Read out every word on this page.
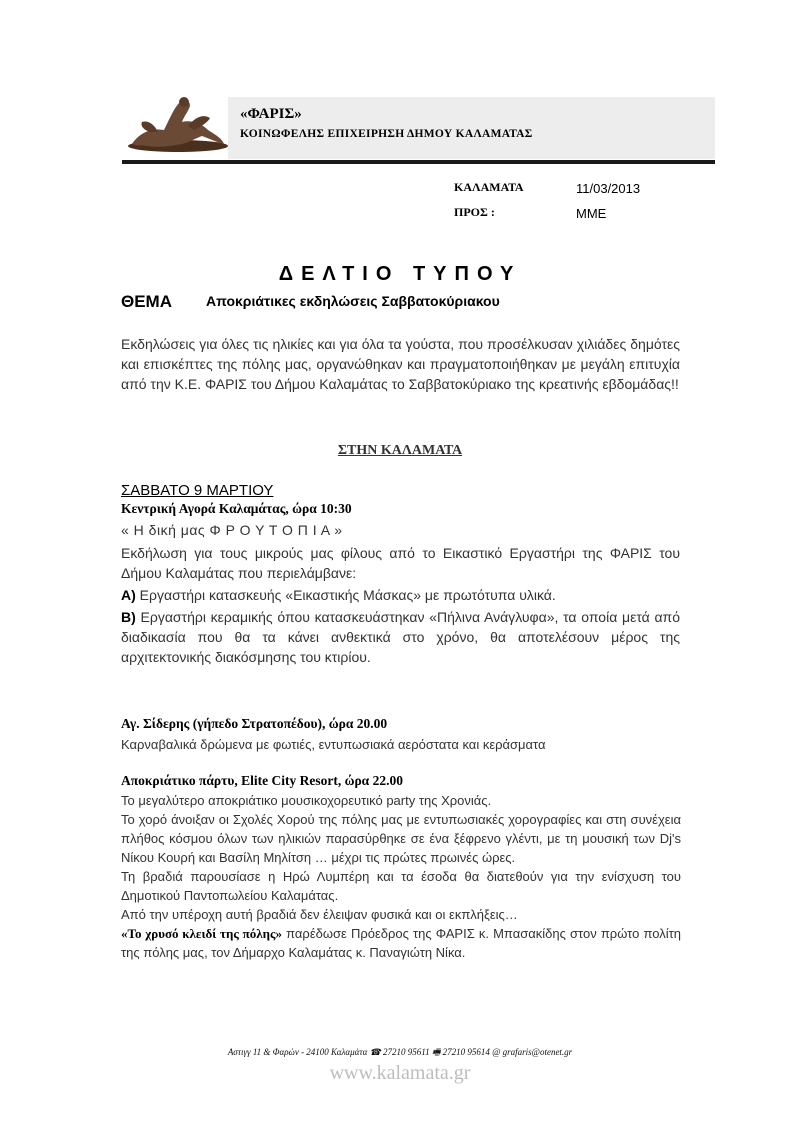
«ΦΑΡΙΣ»
ΚΟΙΝΩΦΕΛΗΣ ΕΠΙΧΕΙΡΗΣΗ ΔΗΜΟΥ ΚΑΛΑΜΑΤΑΣ
ΚΑΛΑΜΑΤΑ	11/03/2013
ΠΡΟΣ :	ΜΜΕ
ΔΕΛΤΙΟ ΤΥΠΟΥ
ΘΕΜΑ Αποκριάτικες εκδηλώσεις Σαββατοκύριακου
Εκδηλώσεις για όλες τις ηλικίες και για όλα τα γούστα, που προσέλκυσαν χιλιάδες δημότες και επισκέπτες της πόλης μας, οργανώθηκαν και πραγματοποιήθηκαν με μεγάλη επιτυχία από την Κ.Ε. ΦΑΡΙΣ του Δήμου Καλαμάτας το Σαββατοκύριακο της κρεατινής εβδομάδας!!
ΣΤΗΝ ΚΑΛΑΜΑΤΑ
ΣΑΒΒΑΤΟ 9 ΜΑΡΤΙΟΥ
Κεντρική Αγορά Καλαμάτας, ώρα 10:30
« Η δική μας Φ Ρ Ο Υ Τ Ο Π Ι Α »
Εκδήλωση για τους μικρούς μας φίλους από το Εικαστικό Εργαστήρι της ΦΑΡΙΣ του Δήμου Καλαμάτας που περιελάμβανε:
Α) Εργαστήρι κατασκευής «Εικαστικής Μάσκας» με πρωτότυπα υλικά.
Β) Εργαστήρι κεραμικής όπου κατασκευάστηκαν «Πήλινα Ανάγλυφα», τα οποία μετά από διαδικασία που θα τα κάνει ανθεκτικά στο χρόνο, θα αποτελέσουν μέρος της αρχιτεκτονικής διακόσμησης του κτιρίου.
Αγ. Σίδερης (γήπεδο Στρατοπέδου), ώρα 20.00
Καρναβαλικά δρώμενα με φωτιές, εντυπωσιακά αερόστατα και κεράσματα
Αποκριάτικο πάρτυ, Elite City Resort, ώρα 22.00
Το μεγαλύτερο αποκριάτικο μουσικοχορευτικό party της Χρονιάς.
Το χορό άνοιξαν οι Σχολές Χορού της πόλης μας με εντυπωσιακές χορογραφίες και στη συνέχεια πλήθος κόσμου όλων των ηλικιών παρασύρθηκε σε ένα ξέφρενο γλέντι, με τη μουσική των Dj's Νίκου Κουρή και Βασίλη Μηλίτση … μέχρι τις πρώτες πρωινές ώρες.
Τη βραδιά παρουσίασε η Ηρώ Λυμπέρη και τα έσοδα θα διατεθούν για την ενίσχυση του Δημοτικού Παντοπωλείου Καλαμάτας.
Από την υπέροχη αυτή βραδιά δεν έλειψαν φυσικά και οι εκπλήξεις…
«Το χρυσό κλειδί της πόλης» παρέδωσε Πρόεδρος της ΦΑΡΙΣ κ. Μπασακίδης στον πρώτο πολίτη της πόλης μας, τον Δήμαρχο Καλαμάτας κ. Παναγιώτη Νίκα.
Αστιγγ 11 & Φαρών - 24100 Καλαμάτα ☎ 27210 95611 🖷 27210 95614 @ grafaris@otenet.gr
www.kalamata.gr
